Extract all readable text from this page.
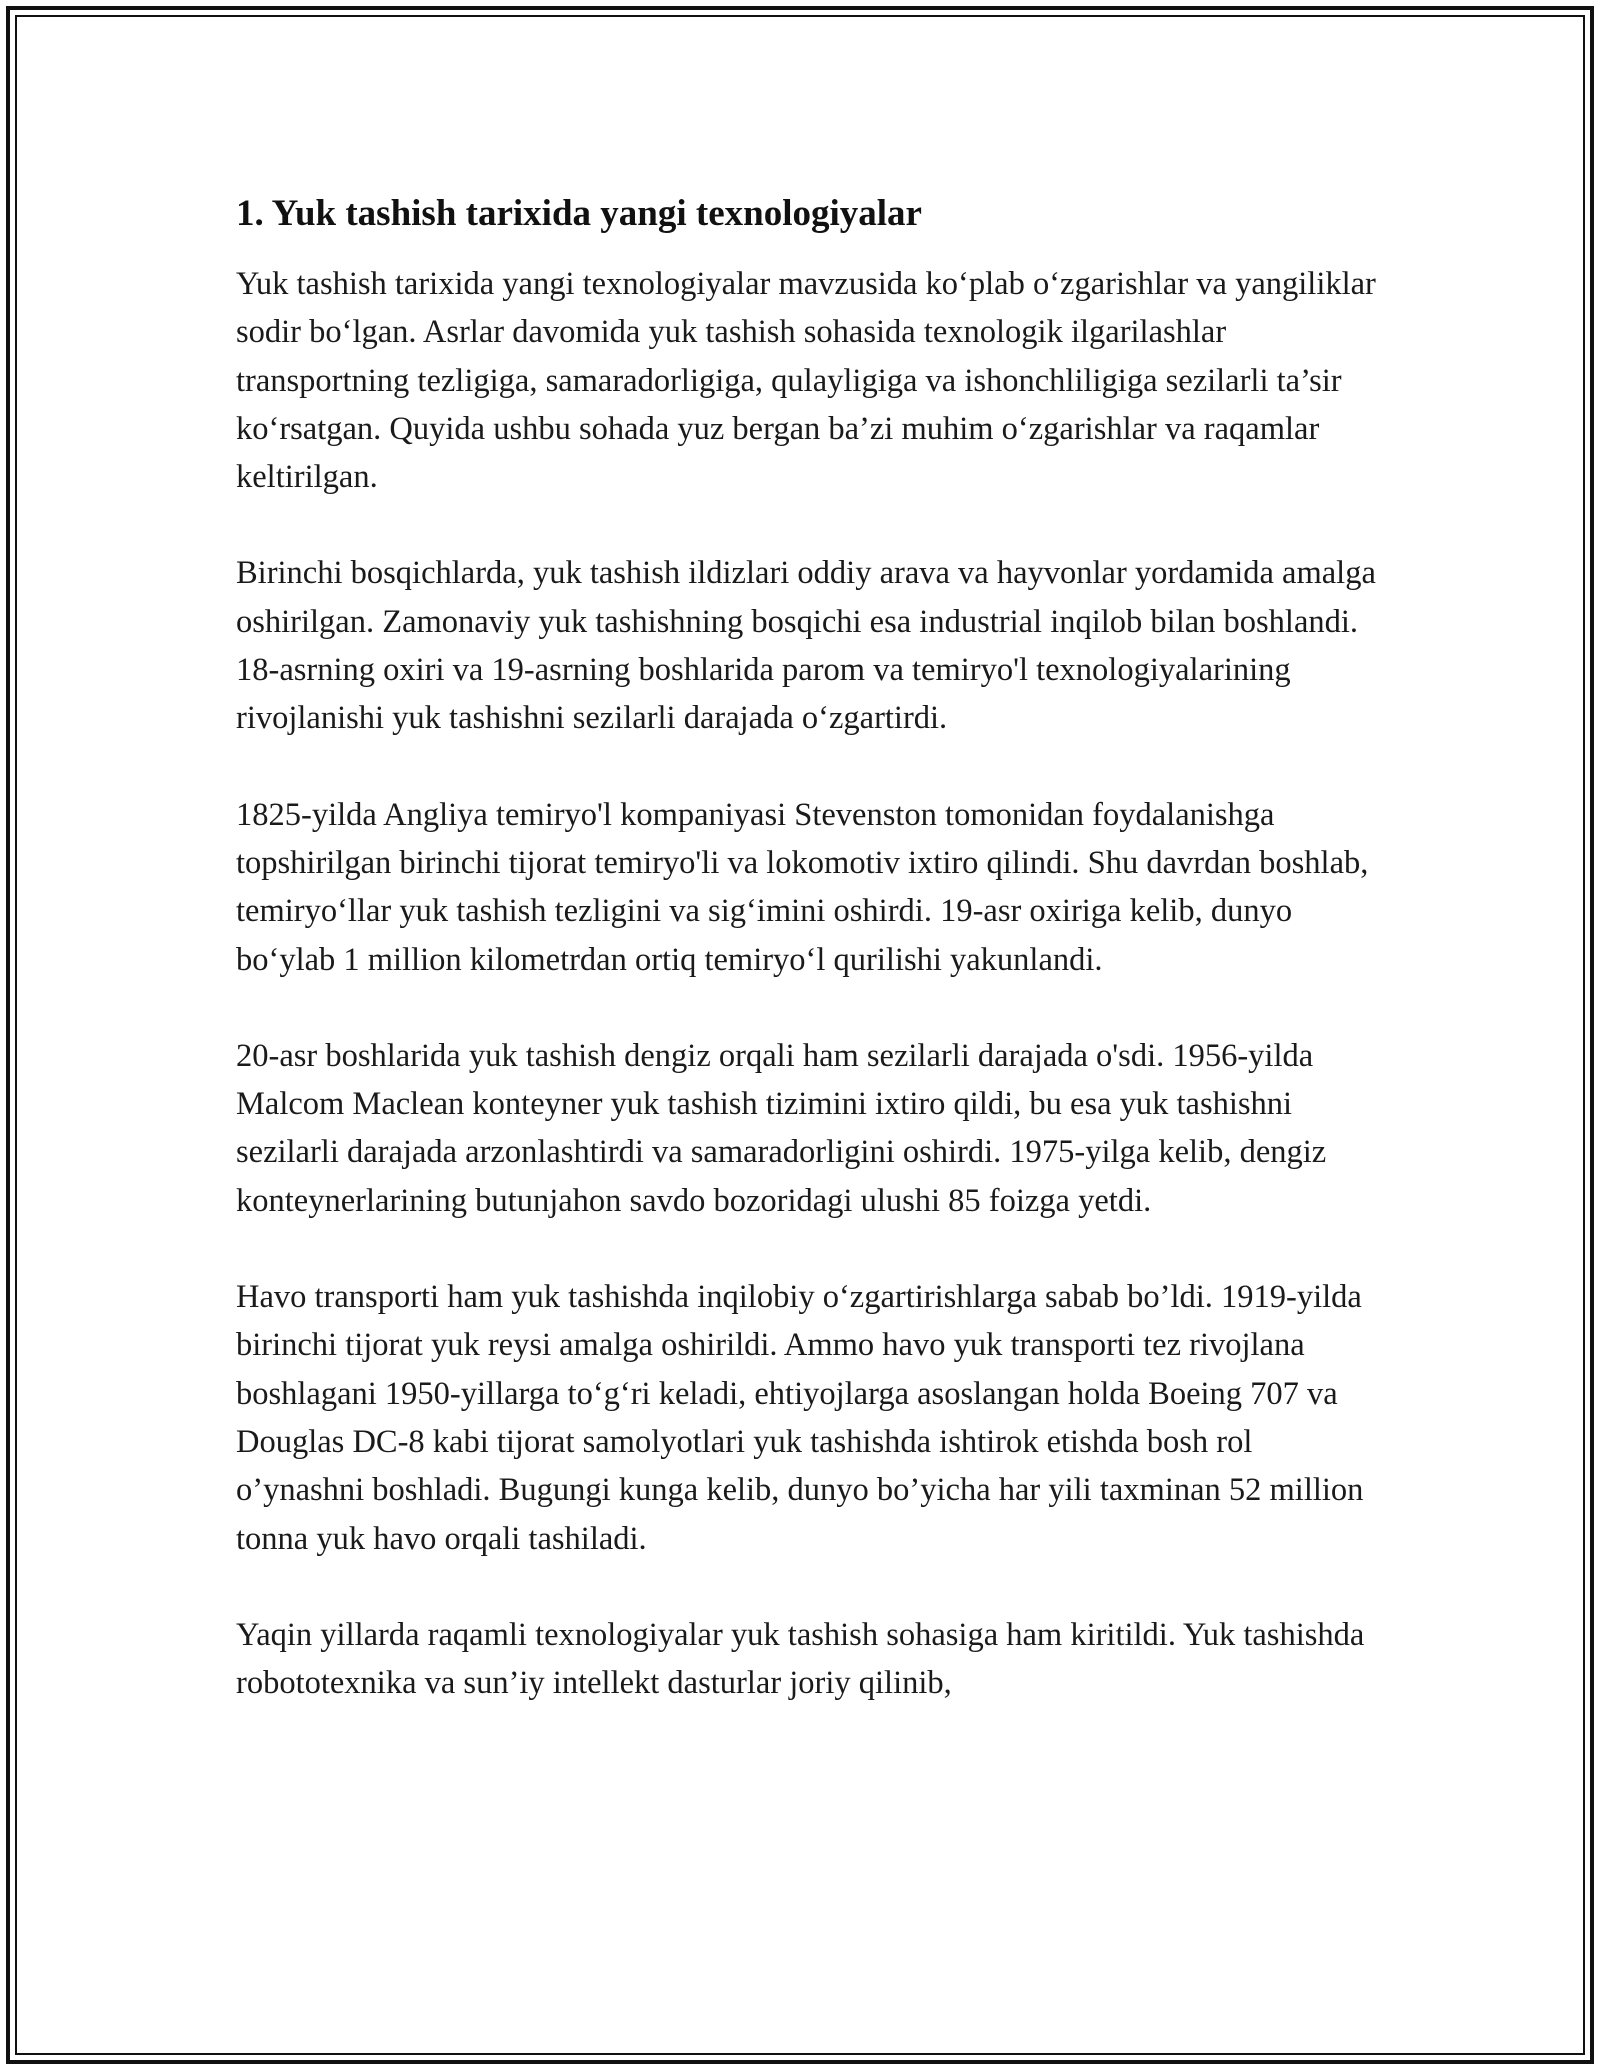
1. Yuk tashish tarixida yangi texnologiyalar

Yuk tashish tarixida yangi texnologiyalar mavzusida ko‘plab o‘zgarishlar va yangiliklar sodir bo‘lgan. Asrlar davomida yuk tashish sohasida texnologik ilgarilashlar transportning tezligiga, samaradorligiga, qulayligiga va ishonchliligiga sezilarli ta’sir ko‘rsatgan. Quyida ushbu sohada yuz bergan ba’zi muhim o‘zgarishlar va raqamlar keltirilgan.

Birinchi bosqichlarda, yuk tashish ildizlari oddiy arava va hayvonlar yordamida amalga oshirilgan. Zamonaviy yuk tashishning bosqichi esa industrial inqilob bilan boshlandi. 18-asrning oxiri va 19-asrning boshlarida parom va temiryo'l texnologiyalarining rivojlanishi yuk tashishni sezilarli darajada o‘zgartirdi.

1825-yilda Angliya temiryo'l kompaniyasi Stevenston tomonidan foydalanishga topshirilgan birinchi tijorat temiryo'li va lokomotiv ixtiro qilindi. Shu davrdan boshlab, temiryo‘llar yuk tashish tezligini va sig‘imini oshirdi. 19-asr oxiriga kelib, dunyo bo‘ylab 1 million kilometrdan ortiq temiryo‘l qurilishi yakunlandi.

20-asr boshlarida yuk tashish dengiz orqali ham sezilarli darajada o'sdi. 1956-yilda Malcom Maclean konteyner yuk tashish tizimini ixtiro qildi, bu esa yuk tashishni sezilarli darajada arzonlashtirdi va samaradorligini oshirdi. 1975-yilga kelib, dengiz konteynerlarining butunjahon savdo bozoridagi ulushi 85 foizga yetdi.

Havo transporti ham yuk tashishda inqilobiy o‘zgartirishlarga sabab bo’ldi. 1919-yilda birinchi tijorat yuk reysi amalga oshirildi. Ammo havo yuk transporti tez rivojlana boshlagani 1950-yillarga to‘g‘ri keladi, ehtiyojlarga asoslangan holda Boeing 707 va Douglas DC-8 kabi tijorat samolyotlari yuk tashishda ishtirok etishda bosh rol o’ynashni boshladi. Bugungi kunga kelib, dunyo bo’yicha har yili taxminan 52 million tonna yuk havo orqali tashiladi.

Yaqin yillarda raqamli texnologiyalar yuk tashish sohasiga ham kiritildi. Yuk tashishda robototexnika va sun’iy intellekt dasturlar joriy qilinib,
